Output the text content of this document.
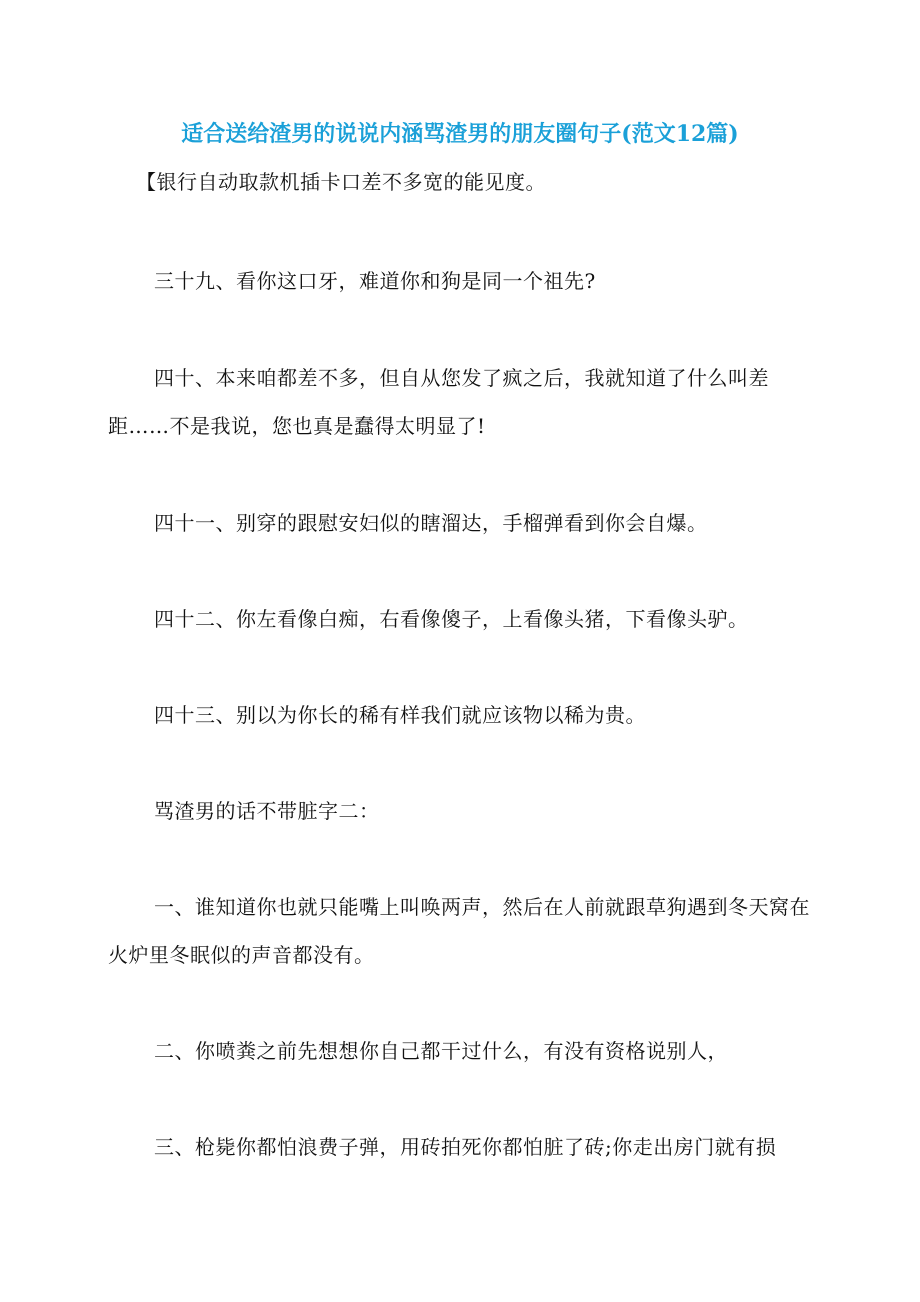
适合送给渣男的说说内涵骂渣男的朋友圈句子(范文12篇)
【银行自动取款机插卡口差不多宽的能见度。
三十九、看你这口牙，难道你和狗是同一个祖先?
四十、本来咱都差不多，但自从您发了疯之后，我就知道了什么叫差距……不是我说，您也真是蠢得太明显了!
四十一、别穿的跟慰安妇似的瞎溜达，手榴弹看到你会自爆。
四十二、你左看像白痴，右看像傻子，上看像头猪，下看像头驴。
四十三、别以为你长的稀有样我们就应该物以稀为贵。
骂渣男的话不带脏字二：
一、谁知道你也就只能嘴上叫唤两声，然后在人前就跟草狗遇到冬天窝在火炉里冬眠似的声音都没有。
二、你喷粪之前先想想你自己都干过什么，有没有资格说别人，
三、枪毙你都怕浪费子弹，用砖拍死你都怕脏了砖;你走出房门就有损
